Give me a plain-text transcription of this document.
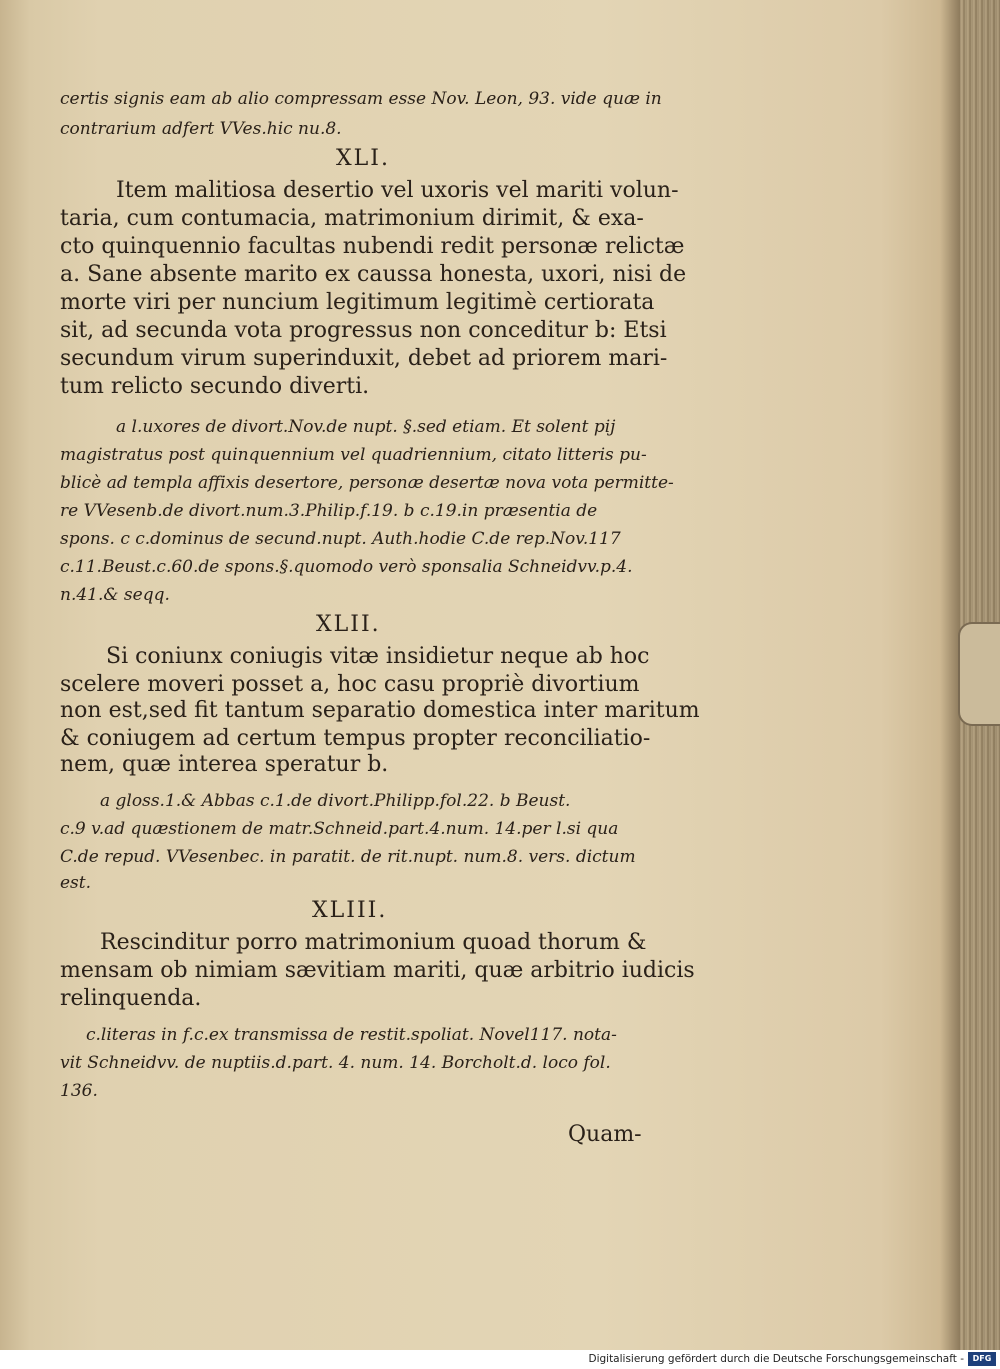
certis signis eam ab alio compressam esse Nov. Leon, 93. vide quæ in
contrarium adfert VVes.hic nu.8.
XLI.
Item malitiosa desertio vel uxoris vel mariti volun-
taria, cum contumacia, matrimonium dirimit, & exa-
cto quinquennio facultas nubendi redit personæ relictæ
a. Sane absente marito ex caussa honesta, uxori, nisi de
morte viri per nuncium legitimum legitimè certiorata
sit, ad secunda vota progressus non conceditur b: Etsi
secundum virum superinduxit, debet ad priorem mari-
tum relicto secundo diverti.
a l.uxores de divort.Nov.de nupt. §.sed etiam. Et solent pij
magistratus post quinquennium vel quadriennium, citato litteris pu-
blicè ad templa affixis desertore, personæ desertæ nova vota permitte-
re VVesenb.de divort.num.3.Philip.f.19. b c.19.in præsentia de
spons. c c.dominus de secund.nupt. Auth.hodie C.de rep.Nov.117
c.11.Beust.c.60.de spons.§.quomodo verò sponsalia Schneidvv.p.4.
n.41.& seqq.
XLII.
Si coniunx coniugis vitæ insidietur neque ab hoc
scelere moveri posset a, hoc casu propriè divortium
non est,sed fit tantum separatio domestica inter maritum
& coniugem ad certum tempus propter reconciliatio-
nem, quæ interea speratur b.
a gloss.1.& Abbas c.1.de divort.Philipp.fol.22. b Beust.
c.9 v.ad quæstionem de matr.Schneid.part.4.num. 14.per l.si qua
C.de repud. VVesenbec. in paratit. de rit.nupt. num.8. vers. dictum
est.
XLIII.
Rescinditur porro matrimonium quoad thorum &
mensam ob nimiam sævitiam mariti, quæ arbitrio iudicis
relinquenda.
c.literas in f.c.ex transmissa de restit.spoliat. Novel117. nota-
vit Schneidvv. de nuptiis.d.part. 4. num. 14. Borcholt.d. loco fol.
136.
Quam-
Digitalisierung gefördert durch die Deutsche Forschungsgemeinschaft -	DFG
